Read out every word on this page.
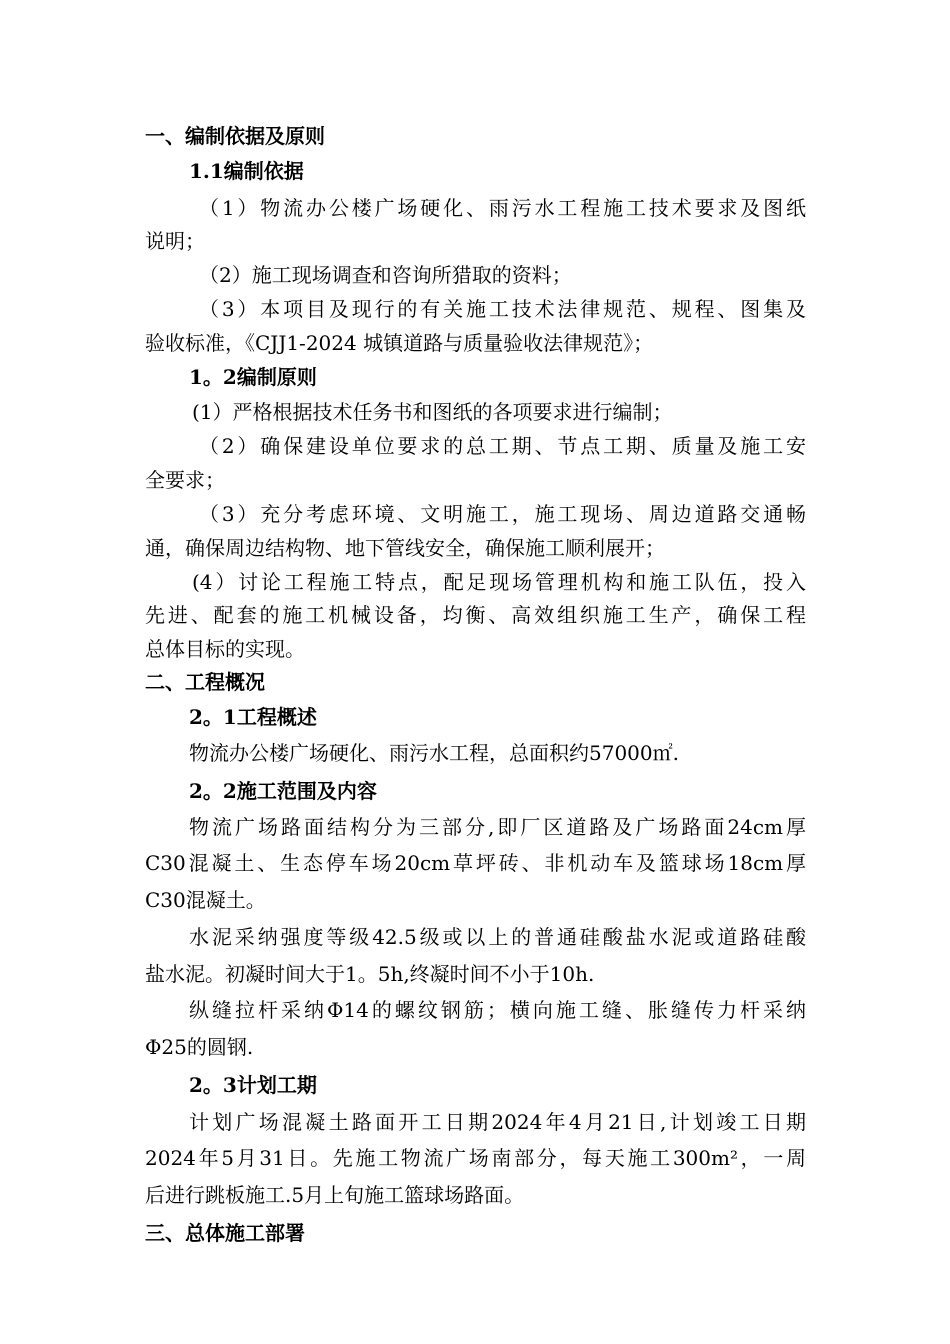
一、编制依据及原则
1.1编制依据
（1）物流办公楼广场硬化、雨污水工程施工技术要求及图纸
说明；
（2）施工现场调查和咨询所猎取的资料；
（3）本项目及现行的有关施工技术法律规范、规程、图集及
验收标准，《CJJ1-2024 城镇道路与质量验收法律规范》；
1。2编制原则
(1）严格根据技术任务书和图纸的各项要求进行编制；
（2）确保建设单位要求的总工期、节点工期、质量及施工安
全要求；
（3）充分考虑环境、文明施工，施工现场、周边道路交通畅
通，确保周边结构物、地下管线安全，确保施工顺利展开；
(4）讨论工程施工特点，配足现场管理机构和施工队伍，投入
先进、配套的施工机械设备，均衡、高效组织施工生产，确保工程
总体目标的实现。
二、工程概况
2。1工程概述
物流办公楼广场硬化、雨污水工程，总面积约57000㎡.
2。2施工范围及内容
物流广场路面结构分为三部分,即厂区道路及广场路面24cm厚
C30混凝土、生态停车场20cm草坪砖、非机动车及篮球场18cm厚
C30混凝土。
水泥采纳强度等级42.5级或以上的普通硅酸盐水泥或道路硅酸
盐水泥。初凝时间大于1。5h,终凝时间不小于10h.
纵缝拉杆采纳Φ14的螺纹钢筋；横向施工缝、胀缝传力杆采纳
Φ25的圆钢.
2。3计划工期
计划广场混凝土路面开工日期2024年4月21日,计划竣工日期
2024年5月31日。先施工物流广场南部分，每天施工300m²，一周
后进行跳板施工.5月上旬施工篮球场路面。
三、总体施工部署
